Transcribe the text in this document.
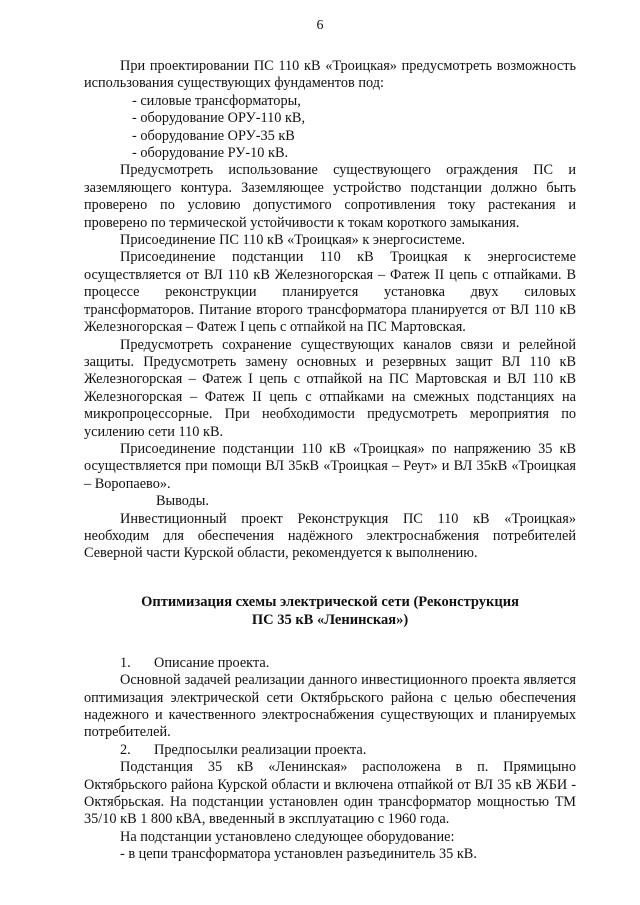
6

При проектировании ПС 110 кВ «Троицкая» предусмотреть возможность использования существующих фундаментов под:

- силовые трансформаторы,

- оборудование ОРУ-110 кВ,

- оборудование ОРУ-35 кВ

- оборудование РУ-10 кВ.

Предусмотреть использование существующего ограждения ПС и заземляющего контура. Заземляющее устройство подстанции должно быть проверено по условию допустимого сопротивления току растекания и проверено по термической устойчивости к токам короткого замыкания.

Присоединение ПС 110 кВ «Троицкая» к энергосистеме.

Присоединение подстанции 110 кВ Троицкая к энергосистеме осуществляется от ВЛ 110 кВ Железногорская – Фатеж II цепь с отпайками. В процессе реконструкции планируется установка двух силовых трансформаторов. Питание второго трансформатора планируется от ВЛ 110 кВ Железногорская – Фатеж I цепь с отпайкой на ПС Мартовская.

Предусмотреть сохранение существующих каналов связи и релейной защиты. Предусмотреть замену основных и резервных защит ВЛ 110 кВ Железногорская – Фатеж I цепь с отпайкой на ПС Мартовская и ВЛ 110 кВ Железногорская – Фатеж II цепь с отпайками на смежных подстанциях на микропроцессорные. При необходимости предусмотреть мероприятия по усилению сети 110 кВ.

Присоединение подстанции 110 кВ «Троицкая» по напряжению 35 кВ осуществляется при помощи ВЛ 35кВ «Троицкая – Реут» и ВЛ 35кВ «Троицкая – Воропаево».

Выводы.

Инвестиционный проект Реконструкция ПС 110 кВ «Троицкая» необходим для обеспечения надёжного электроснабжения потребителей Северной части Курской области, рекомендуется к выполнению.

Оптимизация схемы электрической сети (Реконструкция
ПС 35 кВ «Ленинская»)

1. Описание проекта.

Основной задачей реализации данного инвестиционного проекта является оптимизация электрической сети Октябрьского района с целью обеспечения надежного и качественного электроснабжения существующих и планируемых потребителей.

2. Предпосылки реализации проекта.

Подстанция 35 кВ «Ленинская» расположена в п. Прямицыно Октябрьского района Курской области и включена отпайкой от ВЛ 35 кВ ЖБИ - Октябрьская. На подстанции установлен один трансформатор мощностью ТМ 35/10 кВ 1 800 кВА, введенный в эксплуатацию с 1960 года.

На подстанции установлено следующее оборудование:

- в цепи трансформатора установлен разъединитель 35 кВ.
